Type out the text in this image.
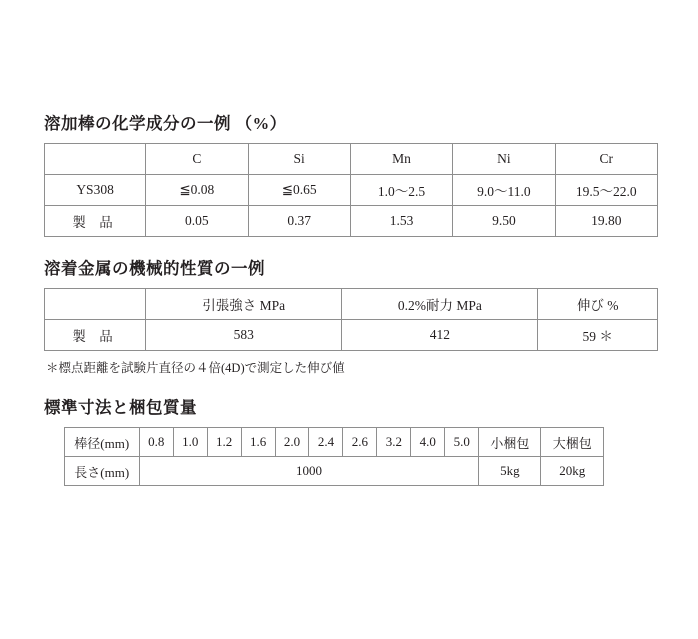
溶加棒の化学成分の一例 （%）
	C	Si	Mn	Ni	Cr
YS308	≦0.08	≦0.65	1.0〜2.5	9.0〜11.0	19.5〜22.0
製 品	0.05	0.37	1.53	9.50	19.80
溶着金属の機械的性質の一例
	引張強さ MPa	0.2%耐力 MPa	伸び %
製 品	583	412	59 ＊

＊標点距離を試験片直径の４倍(4D)で測定した伸び値

標準寸法と梱包質量
棒径(mm)	0.8	1.0	1.2	1.6	2.0	2.4	2.6	3.2	4.0	5.0	小梱包	大梱包
長さ(mm)	1000										5kg	20kg
